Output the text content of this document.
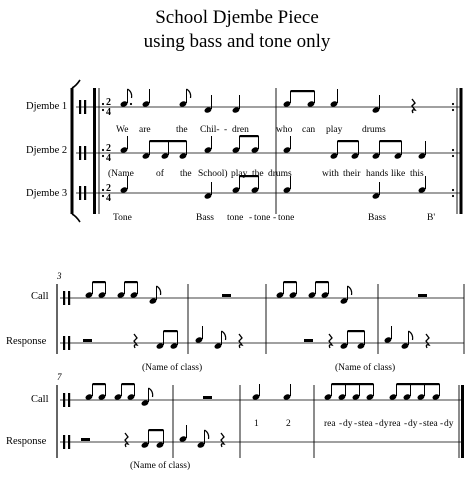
School Djembe Piece
using bass and tone only
Djembe 1
Djembe 2
Djembe 3
Call
Response
Call
Response
2
4
2
4
2
4
We are	the Chil- - dren	who can play drums
(Name of the School) play the drums	with their hands like this
Tone	Bass tone - tone - tone	Bass	B'
3
(Name of class)	(Name of class)
7
1	2	rea - dy - stea - dy rea - dy - stea - dy
(Name of class)
